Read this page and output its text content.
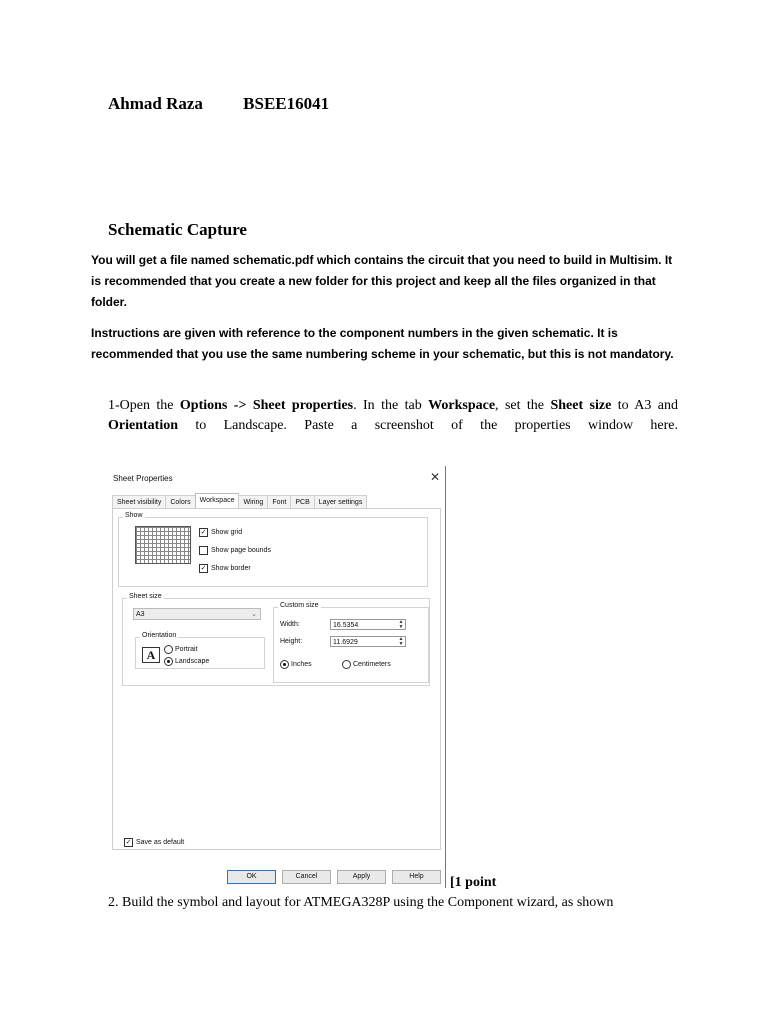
Ahmad Raza BSEE16041
Schematic Capture
You will get a file named schematic.pdf which contains the circuit that you need to build in Multisim. It
is recommended that you create a new folder for this project and keep all the files organized in that
folder.
Instructions are given with reference to the component numbers in the given schematic. It is
recommended that you use the same numbering scheme in your schematic, but this is not mandatory.
1-Open the Options -> Sheet properties. In the tab Workspace, set the Sheet size to A3 and
Orientation to Landscape. Paste a screenshot of the properties window here.
Sheet Properties	✕
Sheet visibility	Colors	Workspace	Wiring	Font	PCB	Layer settings
Show
✓ Show grid
Show page bounds
✓ Show border
Sheet size
A3	⌄
Orientation
A	Portrait
Landscape
Custom size
Width:	16.5354	▲
▼
Height:	11.6929	▲
▼
Inches	Centimeters
✓ Save as default
OK	Cancel	Apply	Help	[1 point
2. Build the symbol and layout for ATMEGA328P using the Component wizard, as shown
